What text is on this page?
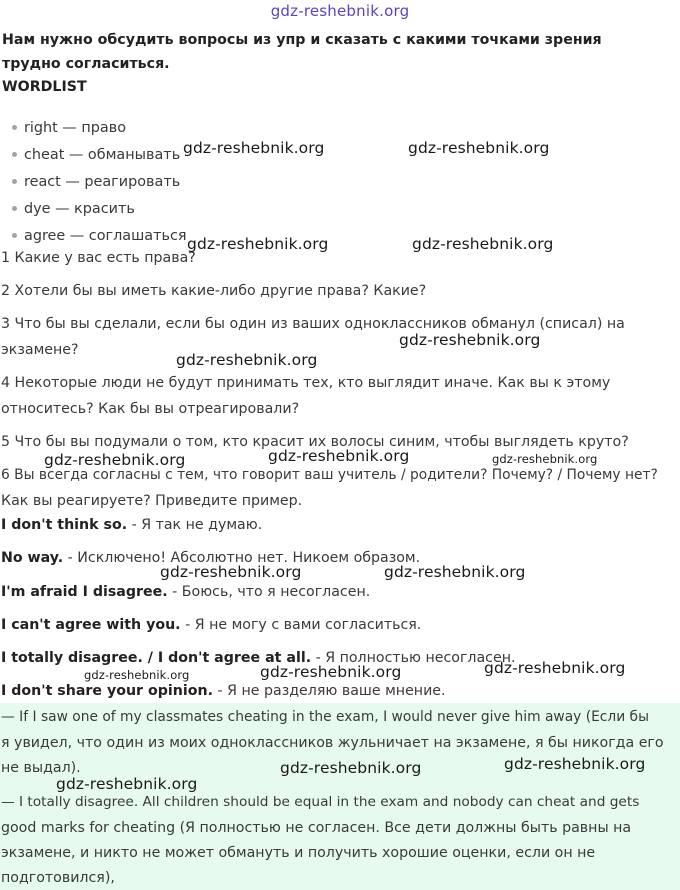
gdz-reshebnik.org
Нам нужно обсудить вопросы из упр и сказать с какими точками зрения трудно согласиться.
WORDLIST
right — право
cheat — обманывать
react — реагировать
dye — красить
agree — соглашаться
1 Какие у вас есть права?
2 Хотели бы вы иметь какие-либо другие права? Какие?
3 Что бы вы сделали, если бы один из ваших одноклассников обманул (списал) на
экзамене?
4 Некоторые люди не будут принимать тех, кто выглядит иначе. Как вы к этому
относитесь? Как бы вы отреагировали?
5 Что бы вы подумали о том, кто красит их волосы синим, чтобы выглядеть круто?
6 Вы всегда согласны с тем, что говорит ваш учитель / родители? Почему? / Почему нет?
Как вы реагируете? Приведите пример.
I don't think so. - Я так не думаю.
No way. - Исключено! Абсолютно нет. Никоем образом.
I'm afraid I disagree. - Боюсь, что я несогласен.
I can't agree with you. - Я не могу с вами согласиться.
I totally disagree. / I don't agree at all. - Я полностью несогласен.
I don't share your opinion. - Я не разделяю ваше мнение.
— If I saw one of my classmates cheating in the exam, I would never give him away (Если бы
я увидел, что один из моих одноклассников жульничает на экзамене, я бы никогда его
не выдал).
— I totally disagree. All children should be equal in the exam and nobody can cheat and gets
good marks for cheating (Я полностью не согласен. Все дети должны быть равны на
экзамене, и никто не может обмануть и получить хорошие оценки, если он не
подготовился),
gdz-reshebnik.org	gdz-reshebnik.org
gdz-reshebnik.org	gdz-reshebnik.org
gdz-reshebnik.org
gdz-reshebnik.org
gdz-reshebnik.org	gdz-reshebnik.org	gdz-reshebnik.org
gdz-reshebnik.org	gdz-reshebnik.org
gdz-reshebnik.org	gdz-reshebnik.org
gdz-reshebnik.org
gdz-reshebnik.org	gdz-reshebnik.org
gdz-reshebnik.org
